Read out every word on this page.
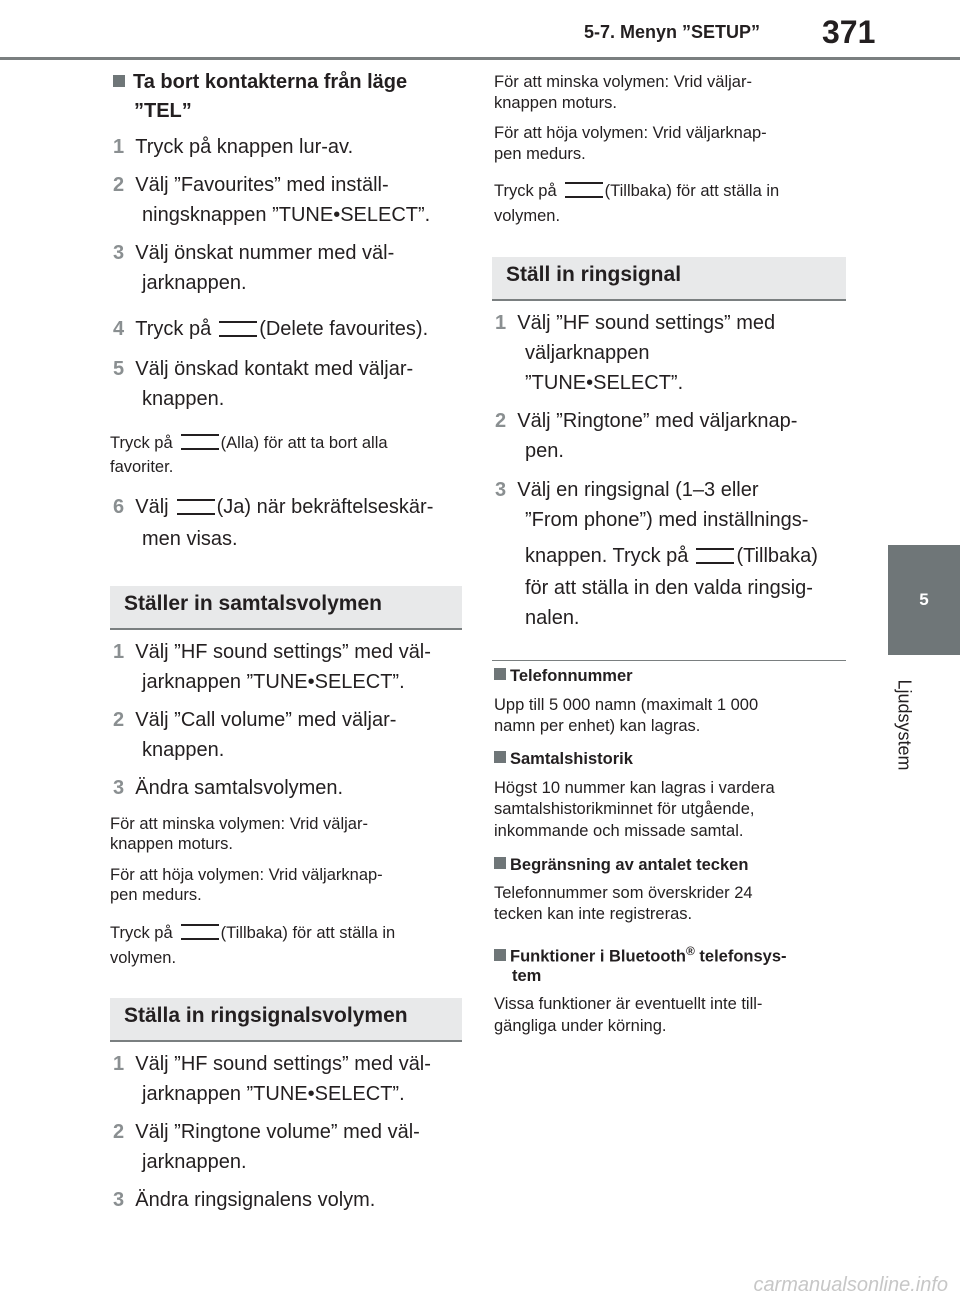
5-7. Menyn ”SETUP” 371
5
Ljudsystem

Ta bort kontakterna från läge

”TEL”

1 Tryck på knappen lur-av.

2 Välj ”Favourites” med inställ-

ningsknappen ”TUNE•SELECT”.

3 Välj önskat nummer med väl-

jarknappen.

4 Tryck på (Delete favourites).

5 Välj önskad kontakt med väljar-

knappen.

Tryck på	(Alla) för att ta bort alla

favoriter.

6 Välj (Ja) när bekräftelseskär-

men visas.

Ställer in samtalsvolymen

1 Välj ”HF sound settings” med väl-

jarknappen ”TUNE•SELECT”.

2 Välj ”Call volume” med väljar-

knappen.

3 Ändra samtalsvolymen.

För att minska volymen: Vrid väljar-

knappen moturs.

För att höja volymen: Vrid väljarknap-

pen medurs.

Tryck på	(Tillbaka) för att ställa in

volymen.

Ställa in ringsignalsvolymen

1 Välj ”HF sound settings” med väl-

jarknappen ”TUNE•SELECT”.

2 Välj ”Ringtone volume” med väl-

jarknappen.

3 Ändra ringsignalens volym.

För att minska volymen: Vrid väljar-

knappen moturs.

För att höja volymen: Vrid väljarknap-

pen medurs.

Tryck på	(Tillbaka) för att ställa in

volymen.

Ställ in ringsignal

1 Välj ”HF sound settings” med

väljarknappen

”TUNE•SELECT”.

2 Välj ”Ringtone” med väljarknap-

pen.

3 Välj en ringsignal (1–3 eller

”From phone”) med inställnings-

knappen. Tryck på (Tillbaka)

för att ställa in den valda ringsig-

nalen.

Telefonnummer

Upp till 5 000 namn (maximalt 1 000

namn per enhet) kan lagras.

Samtalshistorik

Högst 10 nummer kan lagras i vardera

samtalshistorikminnet för utgående,

inkommande och missade samtal.

Begränsning av antalet tecken

Telefonnummer som överskrider 24

tecken kan inte registreras.

Funktioner i Bluetooth® telefonsys-

tem

Vissa funktioner är eventuellt inte till-

gängliga under körning.

carmanualsonline.info
